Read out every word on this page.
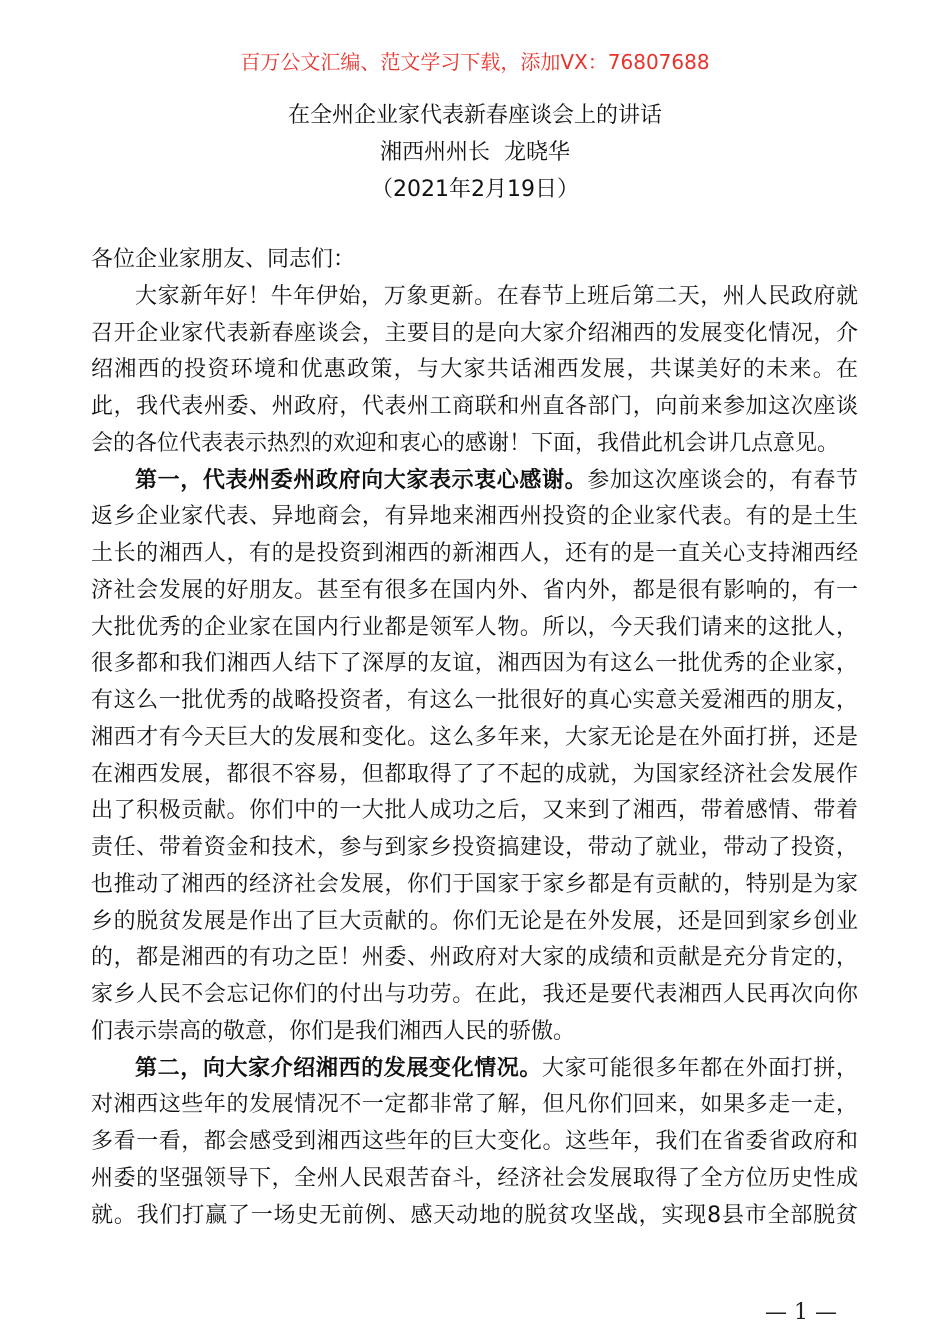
百万公文汇编、范文学习下载，添加VX：76807688
在全州企业家代表新春座谈会上的讲话
湘西州州长  龙晓华
（2021年2月19日）
各位企业家朋友、同志们：
大家新年好！牛年伊始，万象更新。在春节上班后第二天，州人民政府就
召开企业家代表新春座谈会，主要目的是向大家介绍湘西的发展变化情况，介
绍湘西的投资环境和优惠政策，与大家共话湘西发展，共谋美好的未来。在
此，我代表州委、州政府，代表州工商联和州直各部门，向前来参加这次座谈
会的各位代表表示热烈的欢迎和衷心的感谢！下面，我借此机会讲几点意见。
第一，代表州委州政府向大家表示衷心感谢。参加这次座谈会的，有春节
返乡企业家代表、异地商会，有异地来湘西州投资的企业家代表。有的是土生
土长的湘西人，有的是投资到湘西的新湘西人，还有的是一直关心支持湘西经
济社会发展的好朋友。甚至有很多在国内外、省内外，都是很有影响的，有一
大批优秀的企业家在国内行业都是领军人物。所以，今天我们请来的这批人，
很多都和我们湘西人结下了深厚的友谊，湘西因为有这么一批优秀的企业家，
有这么一批优秀的战略投资者，有这么一批很好的真心实意关爱湘西的朋友，
湘西才有今天巨大的发展和变化。这么多年来，大家无论是在外面打拼，还是
在湘西发展，都很不容易，但都取得了了不起的成就，为国家经济社会发展作
出了积极贡献。你们中的一大批人成功之后，又来到了湘西，带着感情、带着
责任、带着资金和技术，参与到家乡投资搞建设，带动了就业，带动了投资，
也推动了湘西的经济社会发展，你们于国家于家乡都是有贡献的，特别是为家
乡的脱贫发展是作出了巨大贡献的。你们无论是在外发展，还是回到家乡创业
的，都是湘西的有功之臣！州委、州政府对大家的成绩和贡献是充分肯定的，
家乡人民不会忘记你们的付出与功劳。在此，我还是要代表湘西人民再次向你
们表示崇高的敬意，你们是我们湘西人民的骄傲。
第二，向大家介绍湘西的发展变化情况。大家可能很多年都在外面打拼，
对湘西这些年的发展情况不一定都非常了解，但凡你们回来，如果多走一走，
多看一看，都会感受到湘西这些年的巨大变化。这些年，我们在省委省政府和
州委的坚强领导下，全州人民艰苦奋斗，经济社会发展取得了全方位历史性成
就。我们打赢了一场史无前例、感天动地的脱贫攻坚战，实现8县市全部脱贫
— 1 —
